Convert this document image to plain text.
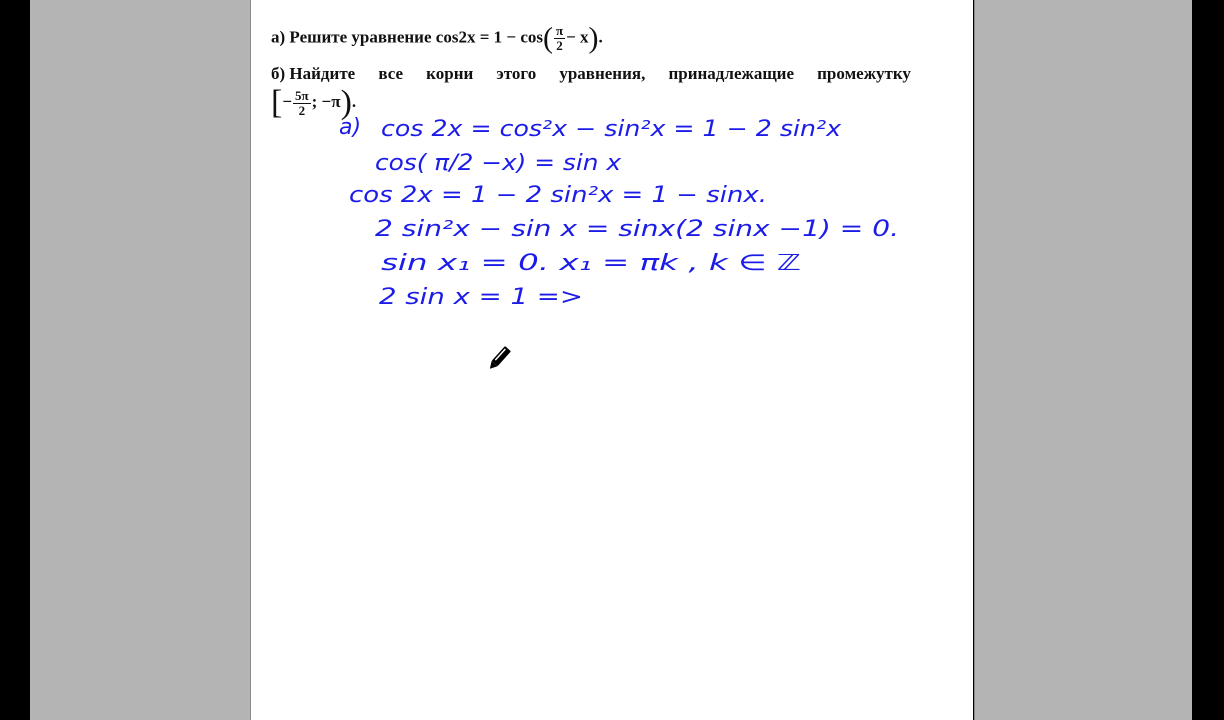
а) Решите уравнение $\cos 2x = 1 - \cos( \frac{\pi}{2} - x)$.
б) Найдите все корни этого уравнения, принадлежащие промежутку
[− $\frac{5\pi}{2}$ ; −π).
а) cos 2x = cos²x − sin²x = 1 − 2 sin²x
cos( π/2 −x) = sin x
cos 2x = 1 − 2 sin²x = 1 − sinx.
2 sin²x − sin x = sinx(2 sinx −1) = 0.
sin x₁ = 0. x₁ = πk , k ∈ ℤ
2 sin x = 1 =>
